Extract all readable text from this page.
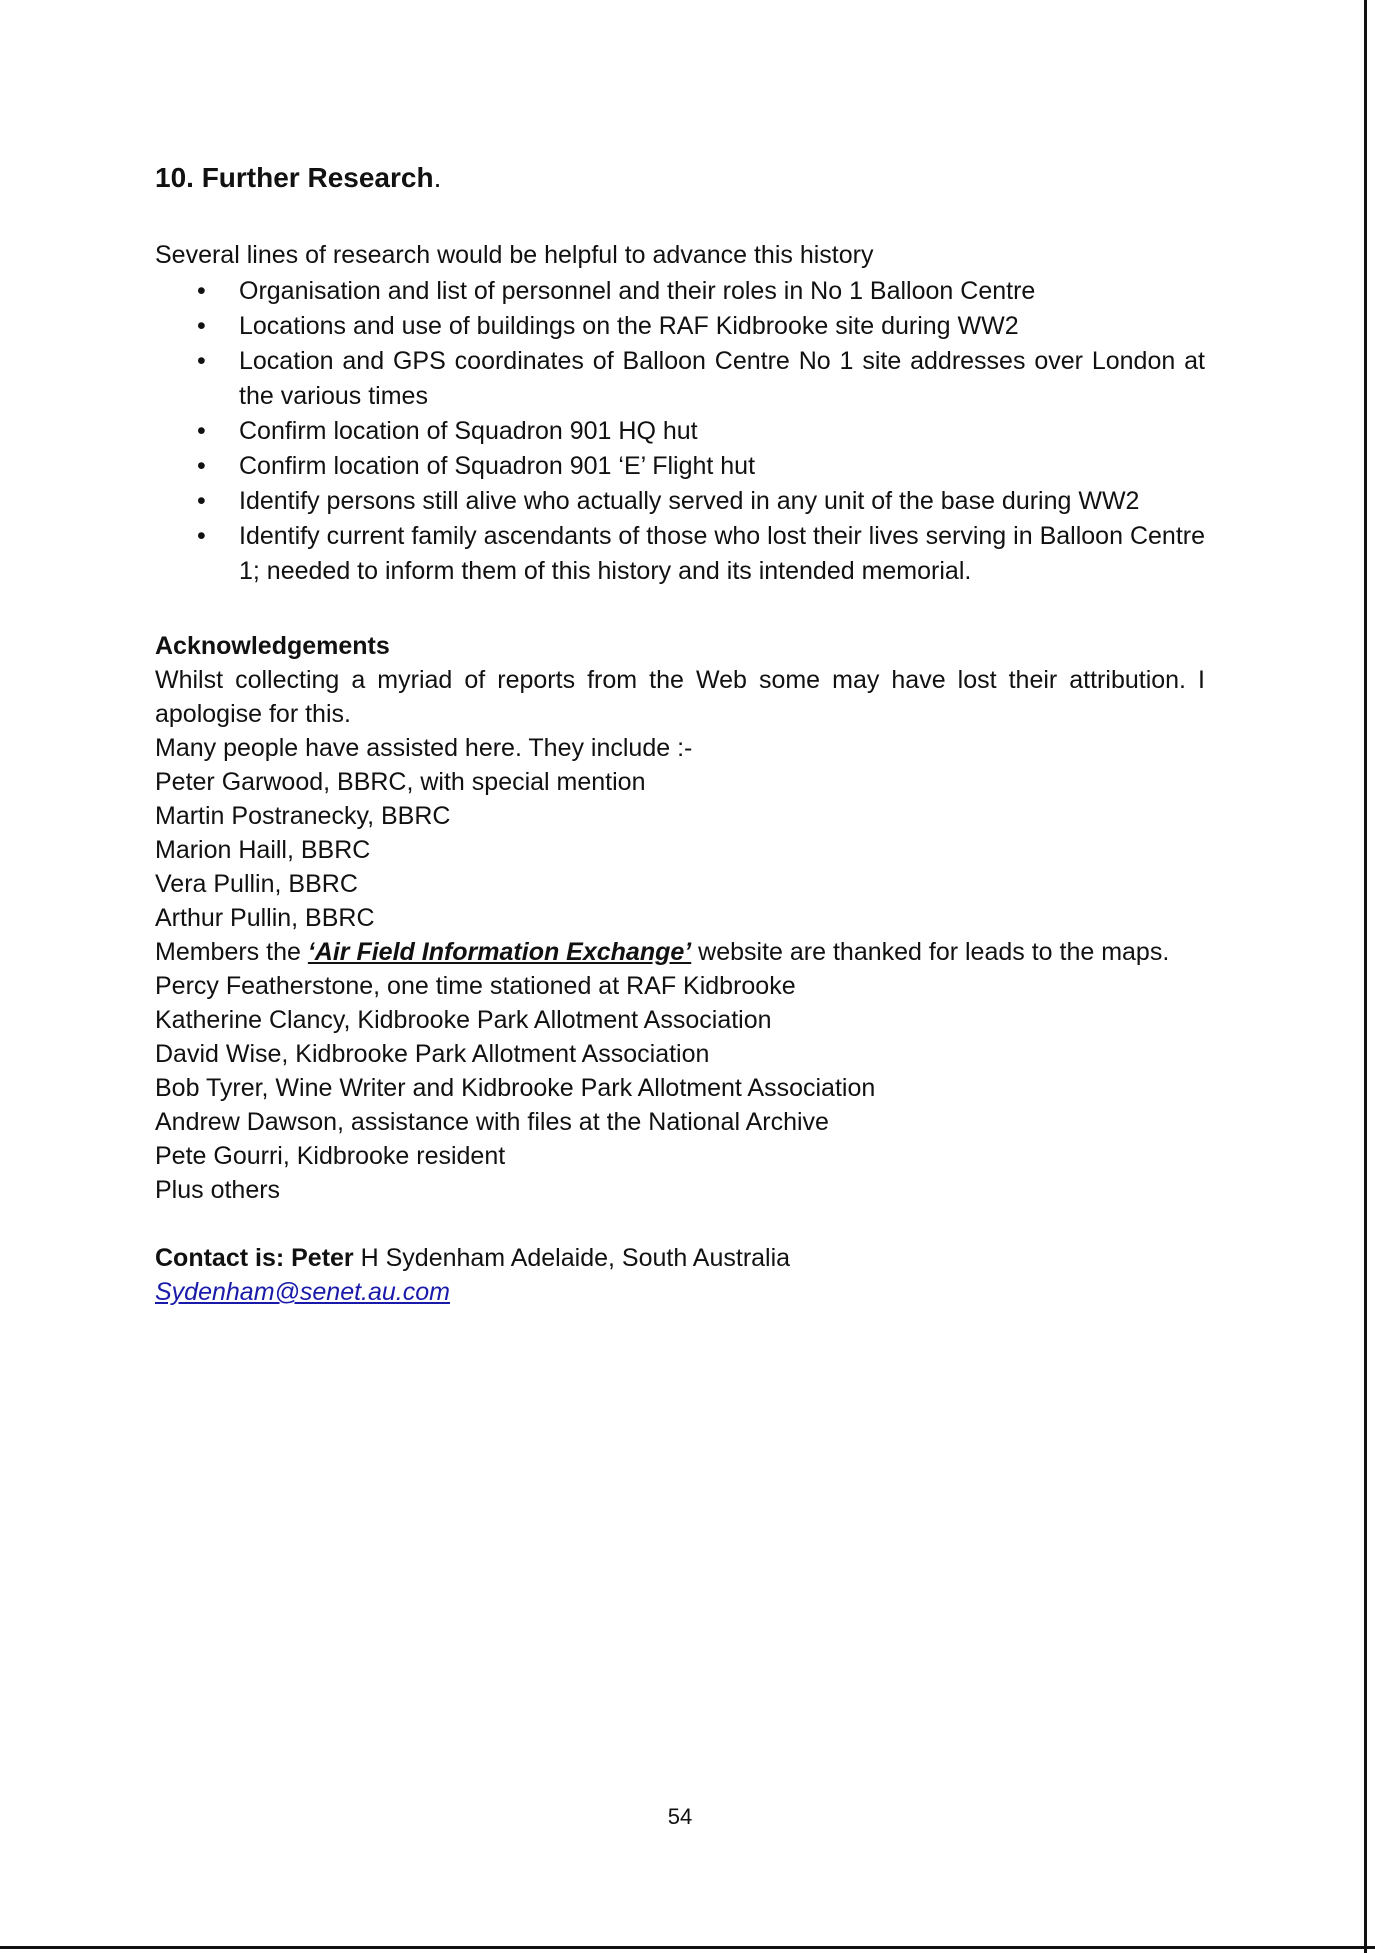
10. Further Research.

Several lines of research would be helpful to advance this history

• Organisation and list of personnel and their roles in No 1 Balloon Centre
• Locations and use of buildings on the RAF Kidbrooke site during WW2
• Location and GPS coordinates of Balloon Centre No 1 site addresses over London at the various times
• Confirm location of Squadron 901 HQ hut
• Confirm location of Squadron 901 ‘E’ Flight hut
• Identify persons still alive who actually served in any unit of the base during WW2
• Identify current family ascendants of those who lost their lives serving in Balloon Centre 1; needed to inform them of this history and its intended memorial.

Acknowledgements

Whilst collecting a myriad of reports from the Web some may have lost their attribution. I apologise for this.

Many people have assisted here. They include :-

Peter Garwood, BBRC, with special mention

Martin Postranecky, BBRC

Marion Haill, BBRC

Vera Pullin, BBRC

Arthur Pullin, BBRC

Members the ‘Air Field Information Exchange’ website are thanked for leads to the maps.

Percy Featherstone, one time stationed at RAF Kidbrooke

Katherine Clancy, Kidbrooke Park Allotment Association

David Wise, Kidbrooke Park Allotment Association

Bob Tyrer, Wine Writer and Kidbrooke Park Allotment Association

Andrew Dawson, assistance with files at the National Archive

Pete Gourri, Kidbrooke resident

Plus others

Contact is: Peter H Sydenham Adelaide, South Australia

Sydenham@senet.au.com

54
